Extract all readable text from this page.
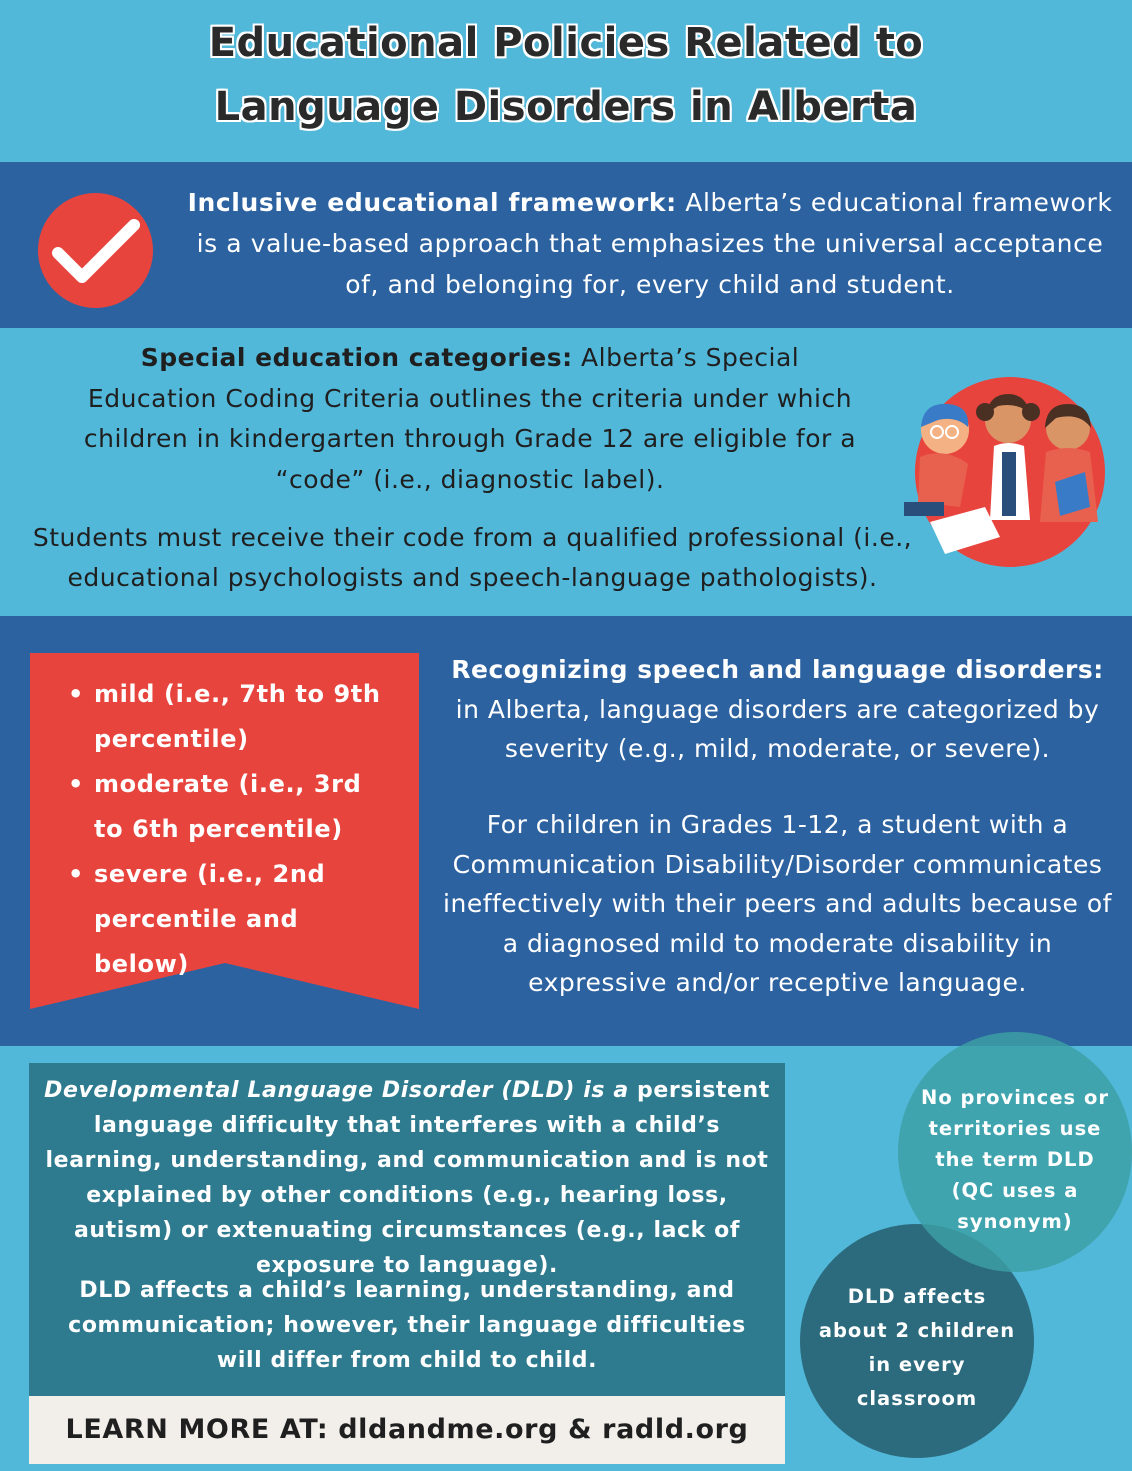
Educational Policies Related to
Language Disorders in Alberta

Inclusive educational framework: Alberta’s educational framework is a value-based approach that emphasizes the universal acceptance of, and belonging for, every child and student.

Special education categories: Alberta’s Special Education Coding Criteria outlines the criteria under which children in kindergarten through Grade 12 are eligible for a “code” (i.e., diagnostic label).

Students must receive their code from a qualified professional (i.e., educational psychologists and speech-language pathologists).

• mild (i.e., 7th to 9th percentile)
• moderate (i.e., 3rd to 6th percentile)
• severe (i.e., 2nd percentile and below)

Recognizing speech and language disorders: in Alberta, language disorders are categorized by severity (e.g., mild, moderate, or severe).

For children in Grades 1-12, a student with a Communication Disability/Disorder communicates ineffectively with their peers and adults because of a diagnosed mild to moderate disability in expressive and/or receptive language.

Developmental Language Disorder (DLD) is a persistent language difficulty that interferes with a child’s learning, understanding, and communication and is not explained by other conditions (e.g., hearing loss, autism) or extenuating circumstances (e.g., lack of exposure to language).

DLD affects a child’s learning, understanding, and communication; however, their language difficulties will differ from child to child.

LEARN MORE AT: dldandme.org & radld.org
DLD affects about 2 children in every classroom
No provinces or territories use the term DLD (QC uses a synonym)
